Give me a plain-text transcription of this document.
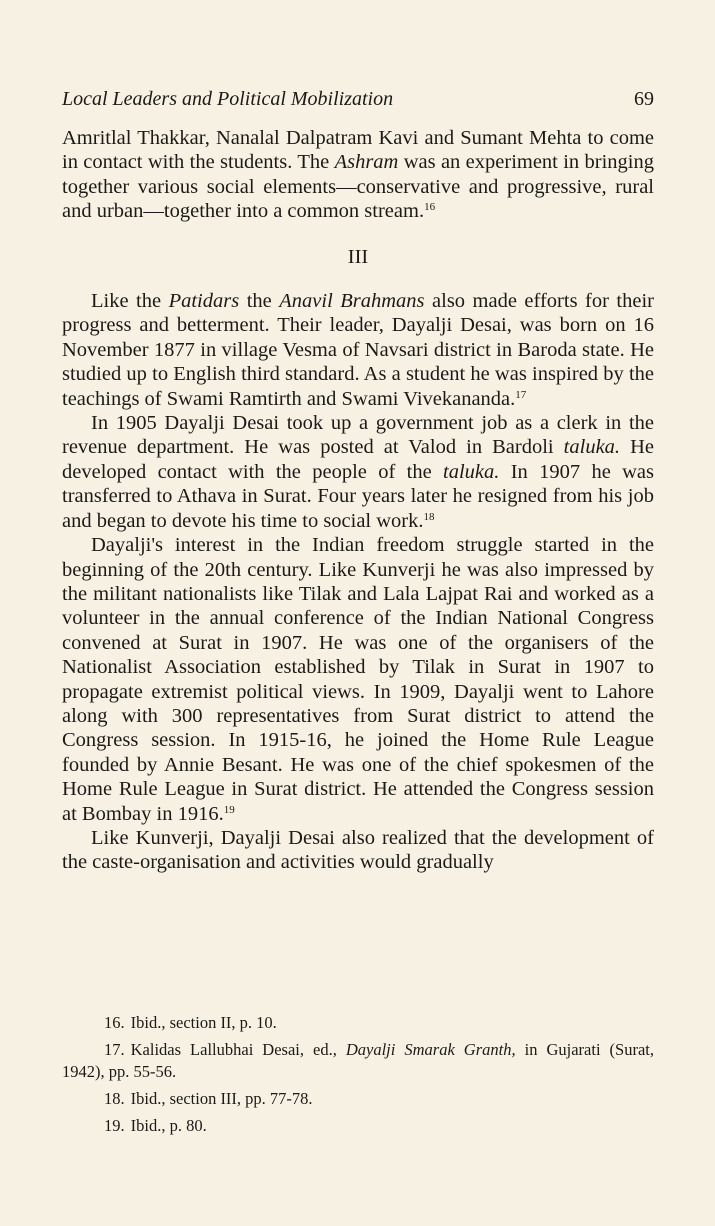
Local Leaders and Political Mobilization	69

Amritlal Thakkar, Nanalal Dalpatram Kavi and Sumant Mehta to come in contact with the students. The Ashram was an experiment in bringing together various social elements—conservative and progressive, rural and urban—together into a common stream.$^{16}$

III

Like the Patidars the Anavil Brahmans also made efforts for their progress and betterment. Their leader, Dayalji Desai, was born on 16 November 1877 in village Vesma of Navsari district in Baroda state. He studied up to English third standard. As a student he was inspired by the teachings of Swami Ramtirth and Swami Vivekananda.$^{17}$

In 1905 Dayalji Desai took up a government job as a clerk in the revenue department. He was posted at Valod in Bardoli taluka. He developed contact with the people of the taluka. In 1907 he was transferred to Athava in Surat. Four years later he resigned from his job and began to devote his time to social work.$^{18}$

Dayalji's interest in the Indian freedom struggle started in the beginning of the 20th century. Like Kunverji he was also impressed by the militant nationalists like Tilak and Lala Lajpat Rai and worked as a volunteer in the annual conference of the Indian National Congress convened at Surat in 1907. He was one of the organisers of the Nationalist Association established by Tilak in Surat in 1907 to propagate extremist political views. In 1909, Dayalji went to Lahore along with 300 representatives from Surat district to attend the Congress session. In 1915-16, he joined the Home Rule League founded by Annie Besant. He was one of the chief spokesmen of the Home Rule League in Surat district. He attended the Congress session at Bombay in 1916.19

Like Kunverji, Dayalji Desai also realized that the development of the caste-organisation and activities would gradually

16. Ibid., section II, p. 10.

17. Kalidas Lallubhai Desai, ed., Dayalji Smarak Granth, in Gujarati (Surat, 1942), pp. 55-56.

18. Ibid., section III, pp. 77-78.

19. Ibid., p. 80.
